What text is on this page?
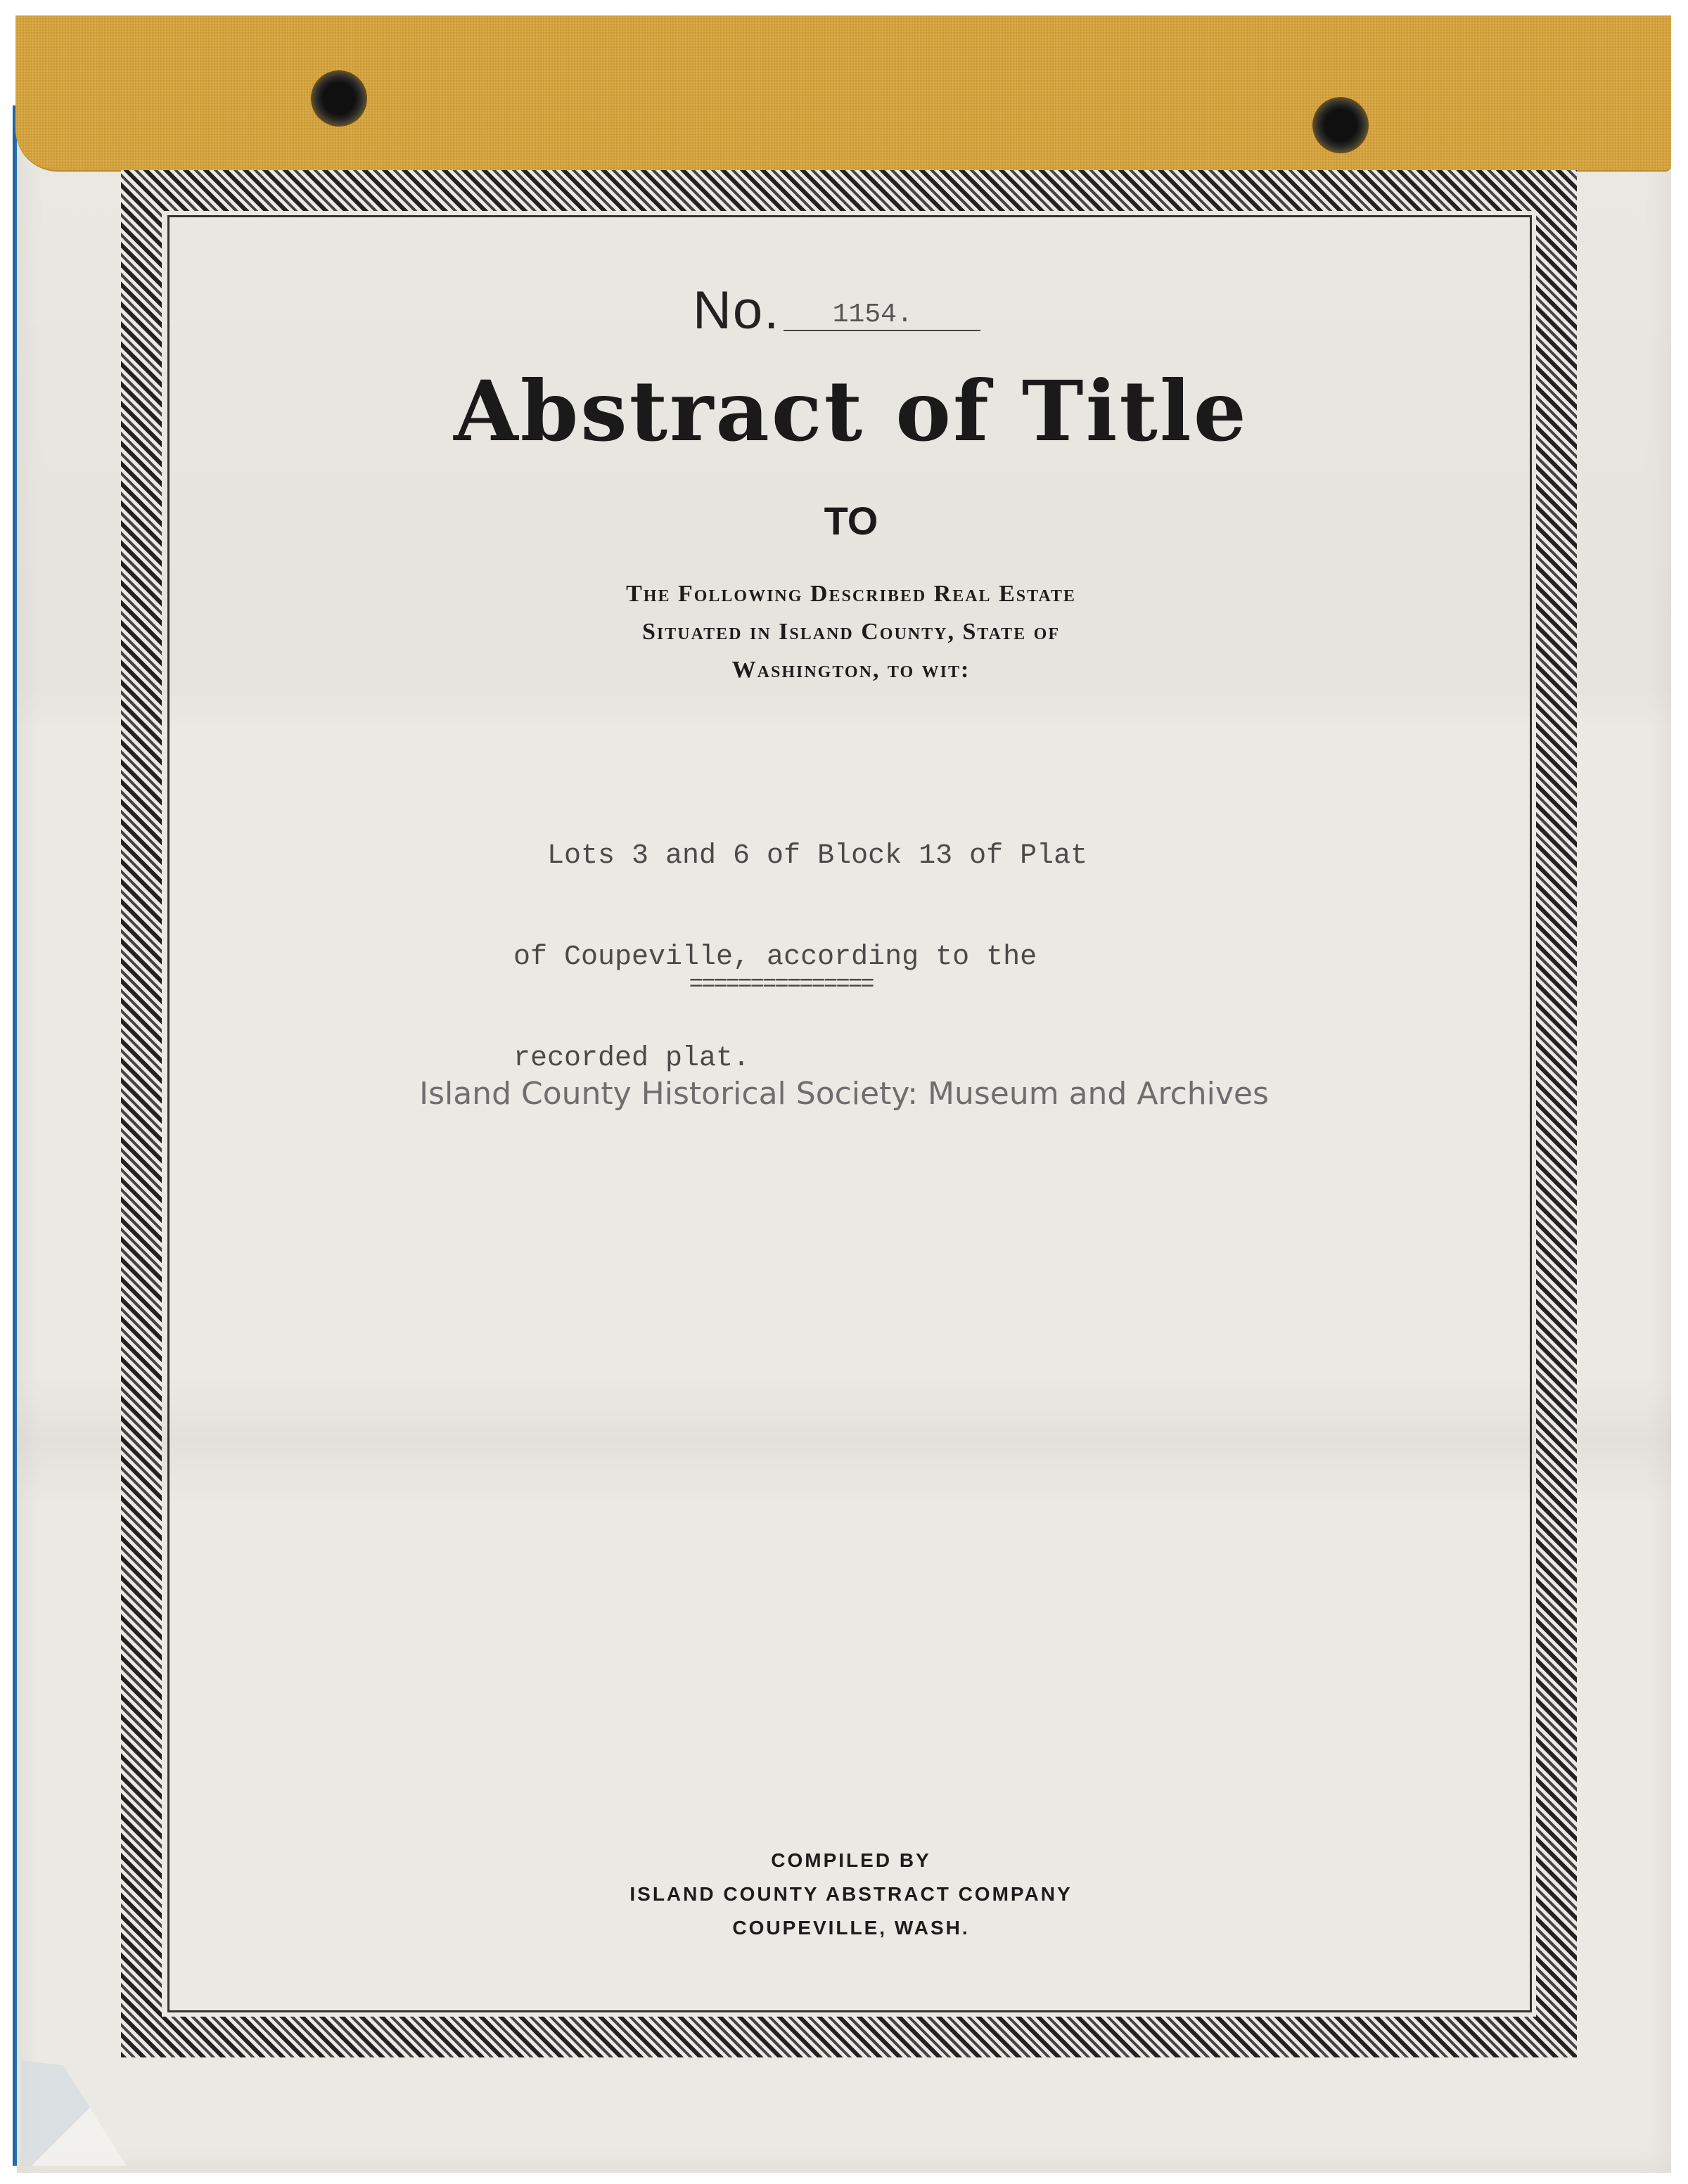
No. 1154.
Abstract of Title
TO
The Following Described Real Estate
Situated in Island County, State of
Washington, to wit:

Lots 3 and 6 of Block 13 of Plat

of Coupeville, according to the

recorded plat.

===============
Island County Historical Society: Museum and Archives
COMPILED BY
ISLAND COUNTY ABSTRACT COMPANY
COUPEVILLE, WASH.
